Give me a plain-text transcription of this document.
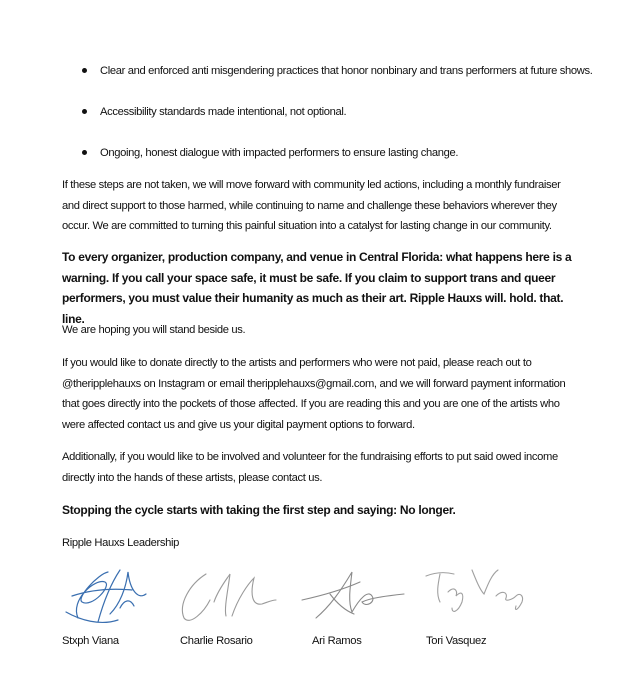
Clear and enforced anti misgendering practices that honor nonbinary and trans performers at future shows.
Accessibility standards made intentional, not optional.
Ongoing, honest dialogue with impacted performers to ensure lasting change.

If these steps are not taken, we will move forward with community led actions, including a monthly fundraiser and direct support to those harmed, while continuing to name and challenge these behaviors wherever they occur. We are committed to turning this painful situation into a catalyst for lasting change in our community.

To every organizer, production company, and venue in Central Florida: what happens here is a warning. If you call your space safe, it must be safe. If you claim to support trans and queer performers, you must value their humanity as much as their art. Ripple Hauxs will. hold. that. line.

We are hoping you will stand beside us.

If you would like to donate directly to the artists and performers who were not paid, please reach out to @theripplehauxs on Instagram or email theripplehauxs@gmail.com, and we will forward payment information that goes directly into the pockets of those affected. If you are reading this and you are one of the artists who were affected contact us and give us your digital payment options to forward.

Additionally, if you would like to be involved and volunteer for the fundraising efforts to put said owed income directly into the hands of these artists, please contact us.

Stopping the cycle starts with taking the first step and saying: No longer.

Ripple Hauxs Leadership

Stxph Viana	Charlie Rosario	Ari Ramos	Tori Vasquez
